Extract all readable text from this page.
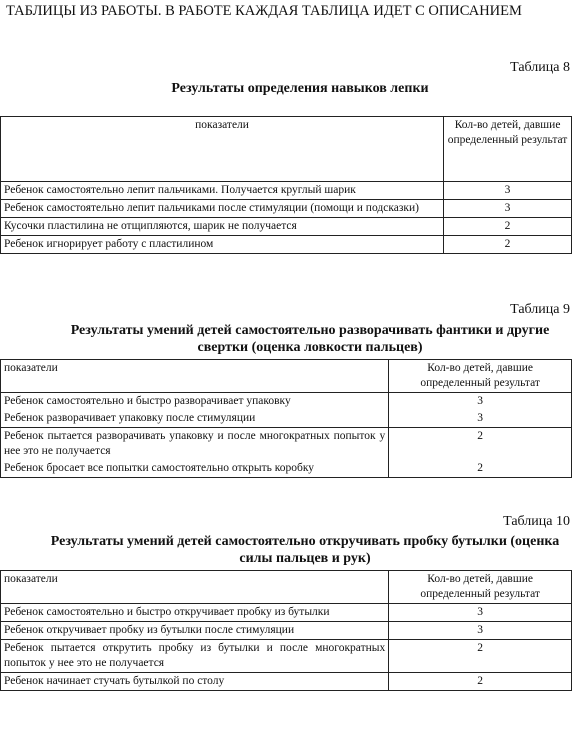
ТАБЛИЦЫ ИЗ РАБОТЫ. В РАБОТЕ КАЖДАЯ ТАБЛИЦА ИДЕТ С ОПИСАНИЕМ
Таблица 8
Результаты определения навыков лепки
показатели	Кол-во детей, давшие определенный результат
Ребенок самостоятельно лепит пальчиками. Получается круглый шарик	3
Ребенок самостоятельно лепит пальчиками после стимуляции (помощи и подсказки)	3
Кусочки пластилина не отщипляются, шарик не получается	2
Ребенок игнорирует работу с пластилином	2
Таблица 9
Результаты умений детей самостоятельно разворачивать фантики и другие свертки (оценка ловкости пальцев)
показатели	Кол-во детей, давшие определенный результат
Ребенок самостоятельно и быстро разворачивает упаковку	3
Ребенок разворачивает упаковку после стимуляции	3
Ребенок пытается разворачивать упаковку и после многократных попыток у нее это не получается	2
Ребенок бросает все попытки самостоятельно открыть коробку	2
Таблица 10
Результаты умений детей самостоятельно откручивать пробку бутылки (оценка силы пальцев и рук)
показатели	Кол-во детей, давшие определенный результат
Ребенок самостоятельно и быстро откручивает пробку из бутылки	3
Ребенок откручивает пробку из бутылки после стимуляции	3
Ребенок пытается открутить пробку из бутылки и после многократных попыток у нее это не получается	2
Ребенок начинает стучать бутылкой по столу	2
